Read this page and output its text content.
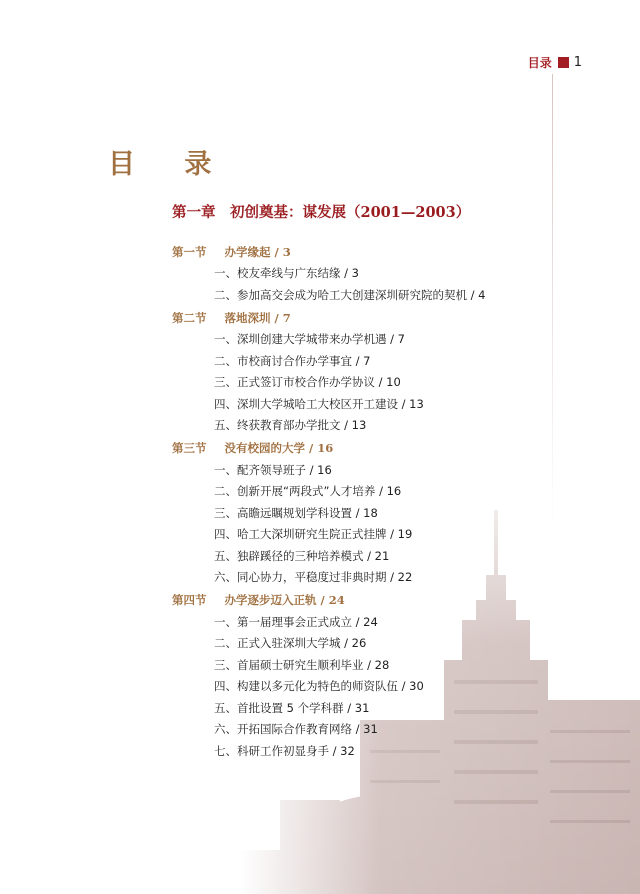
目录 1
目 录
第一章　初创奠基：谋发展（2001—2003）
第一节 办学缘起 / 3
一、校友牵线与广东结缘 / 3
二、参加高交会成为哈工大创建深圳研究院的契机 / 4
第二节 落地深圳 / 7
一、深圳创建大学城带来办学机遇 / 7
二、市校商讨合作办学事宜 / 7
三、正式签订市校合作办学协议 / 10
四、深圳大学城哈工大校区开工建设 / 13
五、终获教育部办学批文 / 13
第三节 没有校园的大学 / 16
一、配齐领导班子 / 16
二、创新开展“两段式”人才培养 / 16
三、高瞻远瞩规划学科设置 / 18
四、哈工大深圳研究生院正式挂牌 / 19
五、独辟蹊径的三种培养模式 / 21
六、同心协力，平稳度过非典时期 / 22
第四节 办学逐步迈入正轨 / 24
一、第一届理事会正式成立 / 24
二、正式入驻深圳大学城 / 26
三、首届硕士研究生顺利毕业 / 28
四、构建以多元化为特色的师资队伍 / 30
五、首批设置 5 个学科群 / 31
六、开拓国际合作教育网络 / 31
七、科研工作初显身手 / 32
